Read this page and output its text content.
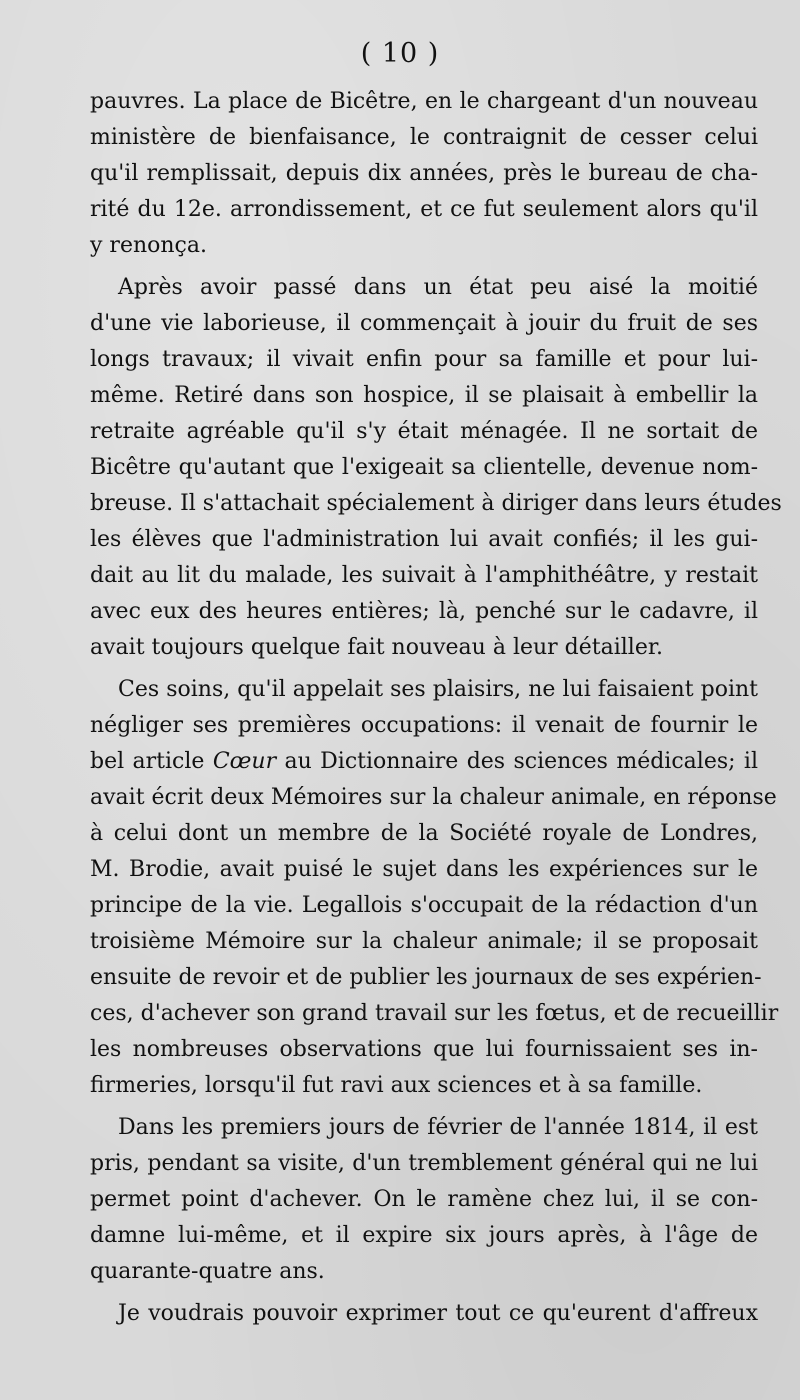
( 10 )
pauvres. La place de Bicêtre, en le chargeant d'un nouveau
ministère de bienfaisance, le contraignit de cesser celui
qu'il remplissait, depuis dix années, près le bureau de cha-
rité du 12e. arrondissement, et ce fut seulement alors qu'il
y renonça.
Après avoir passé dans un état peu aisé la moitié
d'une vie laborieuse, il commençait à jouir du fruit de ses
longs travaux; il vivait enfin pour sa famille et pour lui-
même. Retiré dans son hospice, il se plaisait à embellir la
retraite agréable qu'il s'y était ménagée. Il ne sortait de
Bicêtre qu'autant que l'exigeait sa clientelle, devenue nom-
breuse. Il s'attachait spécialement à diriger dans leurs études
les élèves que l'administration lui avait confiés; il les gui-
dait au lit du malade, les suivait à l'amphithéâtre, y restait
avec eux des heures entières; là, penché sur le cadavre, il
avait toujours quelque fait nouveau à leur détailler.
Ces soins, qu'il appelait ses plaisirs, ne lui faisaient point
négliger ses premières occupations: il venait de fournir le
bel article Cœur au Dictionnaire des sciences médicales; il
avait écrit deux Mémoires sur la chaleur animale, en réponse
à celui dont un membre de la Société royale de Londres,
M. Brodie, avait puisé le sujet dans les expériences sur le
principe de la vie. Legallois s'occupait de la rédaction d'un
troisième Mémoire sur la chaleur animale; il se proposait
ensuite de revoir et de publier les journaux de ses expérien-
ces, d'achever son grand travail sur les fœtus, et de recueillir
les nombreuses observations que lui fournissaient ses in-
firmeries, lorsqu'il fut ravi aux sciences et à sa famille.
Dans les premiers jours de février de l'année 1814, il est
pris, pendant sa visite, d'un tremblement général qui ne lui
permet point d'achever. On le ramène chez lui, il se con-
damne lui-même, et il expire six jours après, à l'âge de
quarante-quatre ans.
Je voudrais pouvoir exprimer tout ce qu'eurent d'affreux
